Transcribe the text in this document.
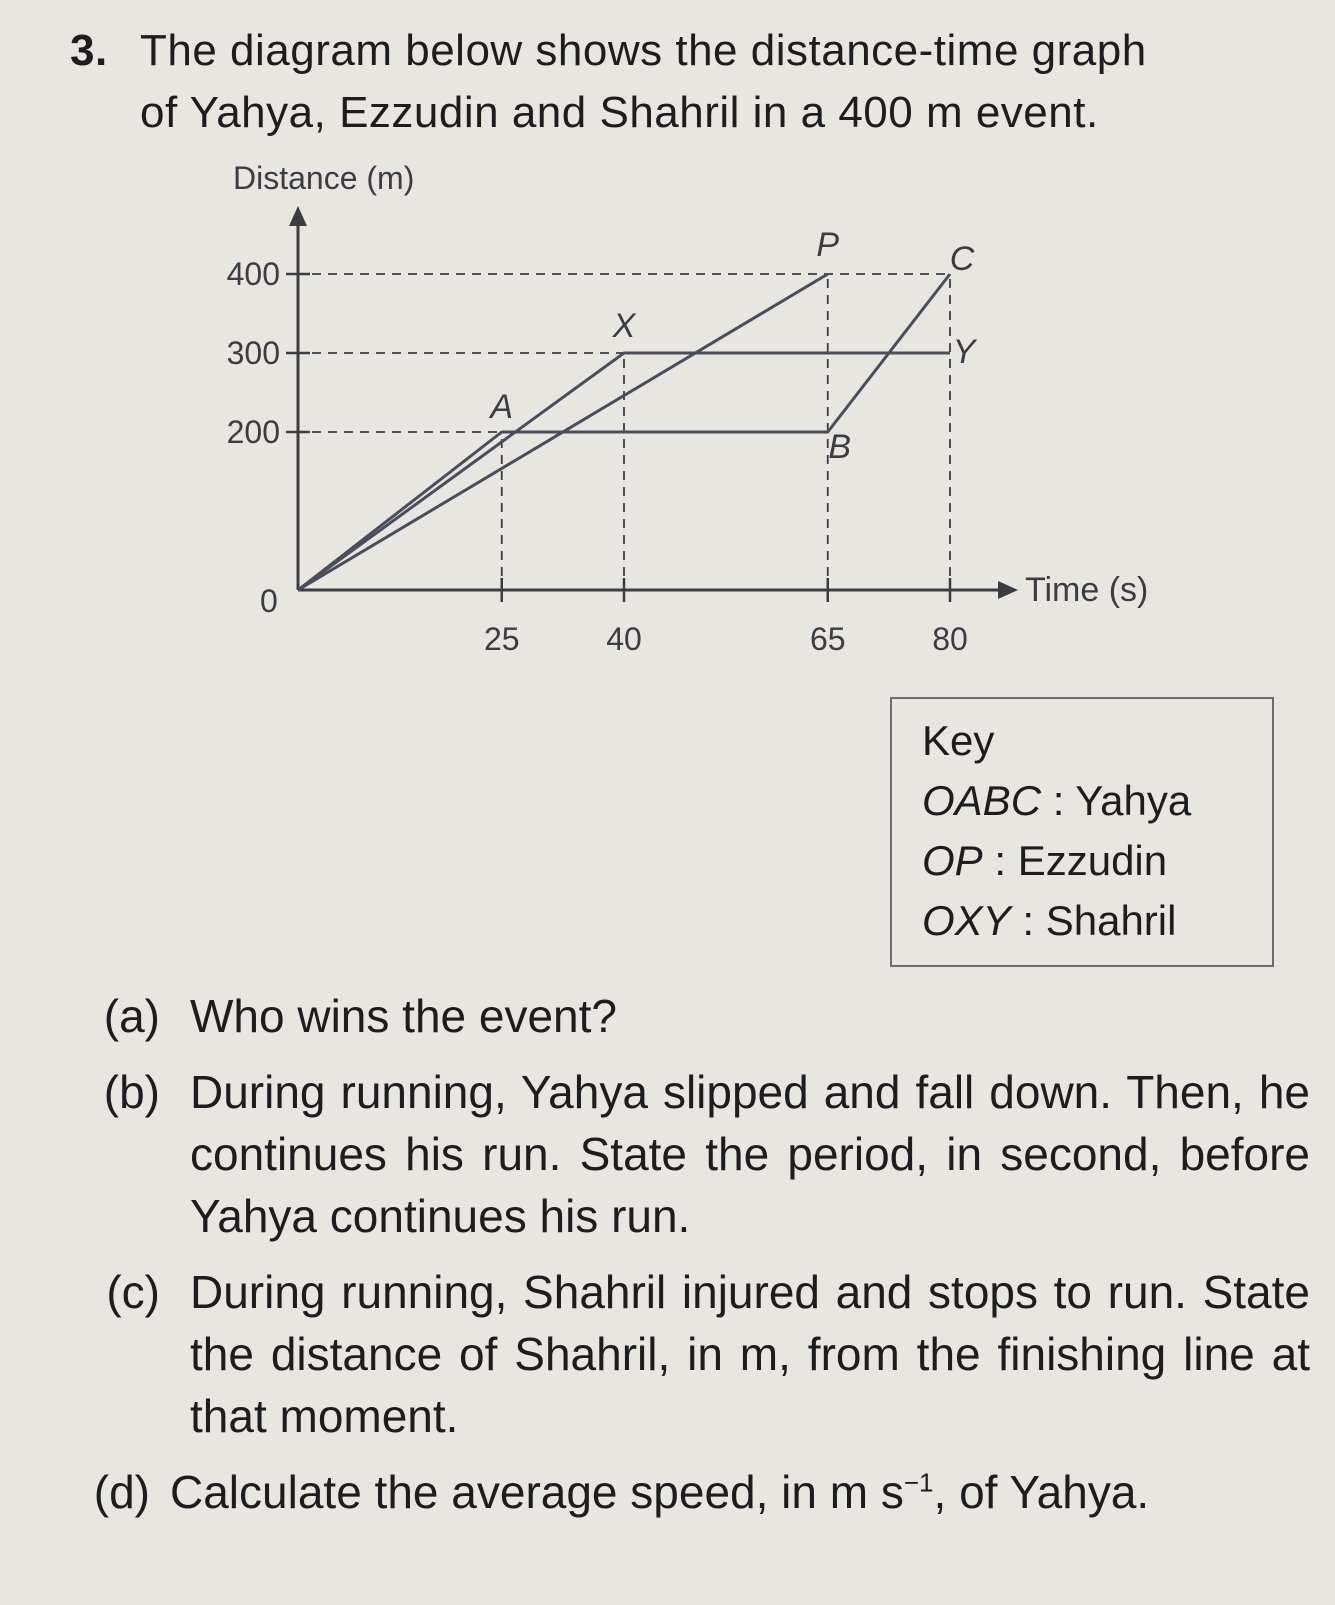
3. The diagram below shows the distance-time graph
of Yahya, Ezzudin and Shahril in a 400 m event.
Distance (m)
Time (s)
0
400
300
200
25	40	65	80
A
B
C
P
X
Y
Key
OABC : Yahya
OP : Ezzudin
OXY : Shahril
(a) Who wins the event?
(b) During running, Yahya slipped and fall down. Then, he continues his run. State the period, in second, before Yahya continues his run.
(c) During running, Shahril injured and stops to run. State the distance of Shahril, in m, from the finishing line at that moment.
(d) Calculate the average speed, in m $s^{-1}$, of Yahya.
